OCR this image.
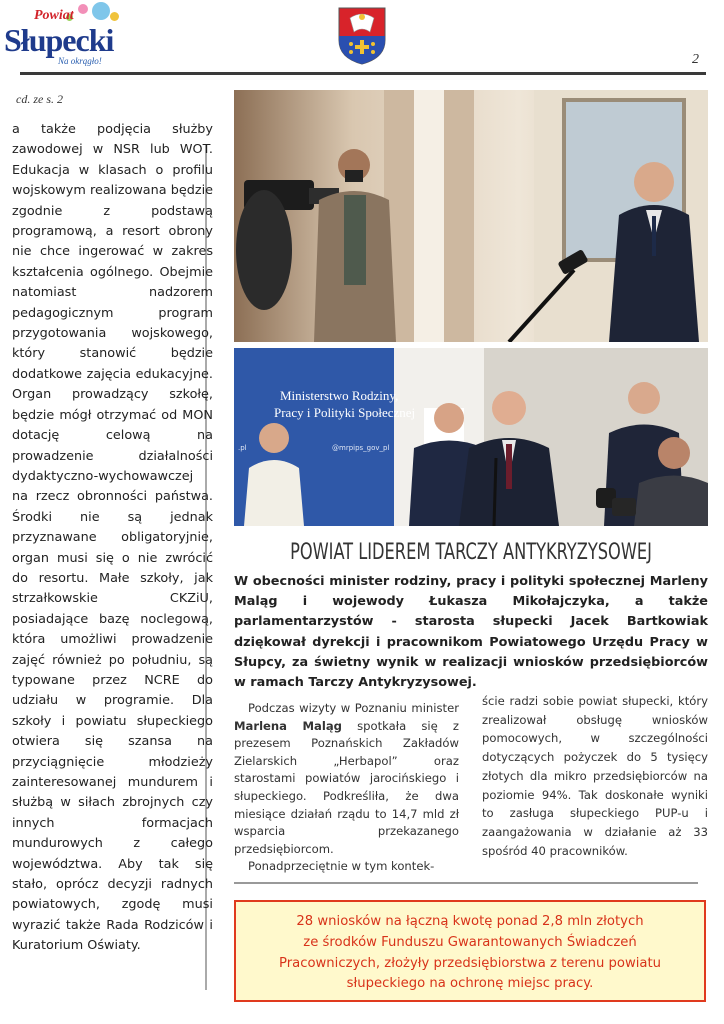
Powiat
Słupecki
Na okrągło!	2
cd. ze s. 2
a także podjęcia służby zawodowej w NSR lub WOT. Edukacja w klasach o profilu wojskowym realizowana będzie zgodnie z podstawą programową, a resort obrony nie chce ingerować w zakres kształcenia ogólnego. Obejmie natomiast nadzorem pedagogicznym program przygotowania wojskowego, który stanowić będzie dodatkowe zajęcia edukacyjne. Organ prowadzący szkołę, będzie mógł otrzymać od MON dotację celową na prowadzenie działalności dydaktyczno-wychowawczej na rzecz obronności państwa. Środki nie są jednak przyznawane obligatoryjnie, organ musi się o nie zwrócić do resortu. Małe szkoły, jak strzałkowskie CKZiU, posiadające bazę noclegową, która umożliwi prowadzenie zajęć również po południu, są typowane przez NCRE do udziału w programie. Dla szkoły i powiatu słupeckiego otwiera się szansa na przyciągnięcie młodzieży zainteresowanej mundurem i służbą w siłach zbrojnych czy innych formacjach mundurowych z całego województwa. Aby tak się stało, oprócz decyzji radnych powiatowych, zgodę musi wyrazić także Rada Rodziców i Kuratorium Oświaty.
Ministerstwo Rodziny,
Pracy i Polityki Społecznej
.pl	@mrpips_gov_pl
POWIAT LIDEREM TARCZY ANTYKRYZYSOWEJ
W obecności minister rodziny, pracy i polityki społecznej Marleny Maląg i wojewody Łukasza Mikołajczyka, a także parlamentarzystów - starosta słupecki Jacek Bartkowiak dziękował dyrekcji i pracownikom Powiatowego Urzędu Pracy w Słupcy, za świetny wynik w realizacji wniosków przedsiębiorców w ramach Tarczy Antykryzysowej.

Podczas wizyty w Poznaniu minister Marlena Maląg spotkała się z prezesem Poznańskich Zakładów Zielarskich „Herbapol” oraz starostami powiatów jarocińskiego i słupeckiego. Podkreśliła, że dwa miesiące działań rządu to 14,7 mld zł wsparcia przekazanego przedsiębiorcom.

Ponadprzeciętnie w tym kontek-

ście radzi sobie powiat słupecki, który zrealizował obsługę wniosków pomocowych, w szczególności dotyczących pożyczek do 5 tysięcy złotych dla mikro przedsiębiorców na poziomie 94%. Tak doskonałe wyniki to zasługa słupeckiego PUP-u i zaangażowania w działanie aż 33 spośród 40 pracowników.

28 wniosków na łączną kwotę ponad 2,8 mln złotych
ze środków Funduszu Gwarantowanych Świadczeń
Pracowniczych, złożyły przedsiębiorstwa z terenu powiatu
słupeckiego na ochronę miejsc pracy.
